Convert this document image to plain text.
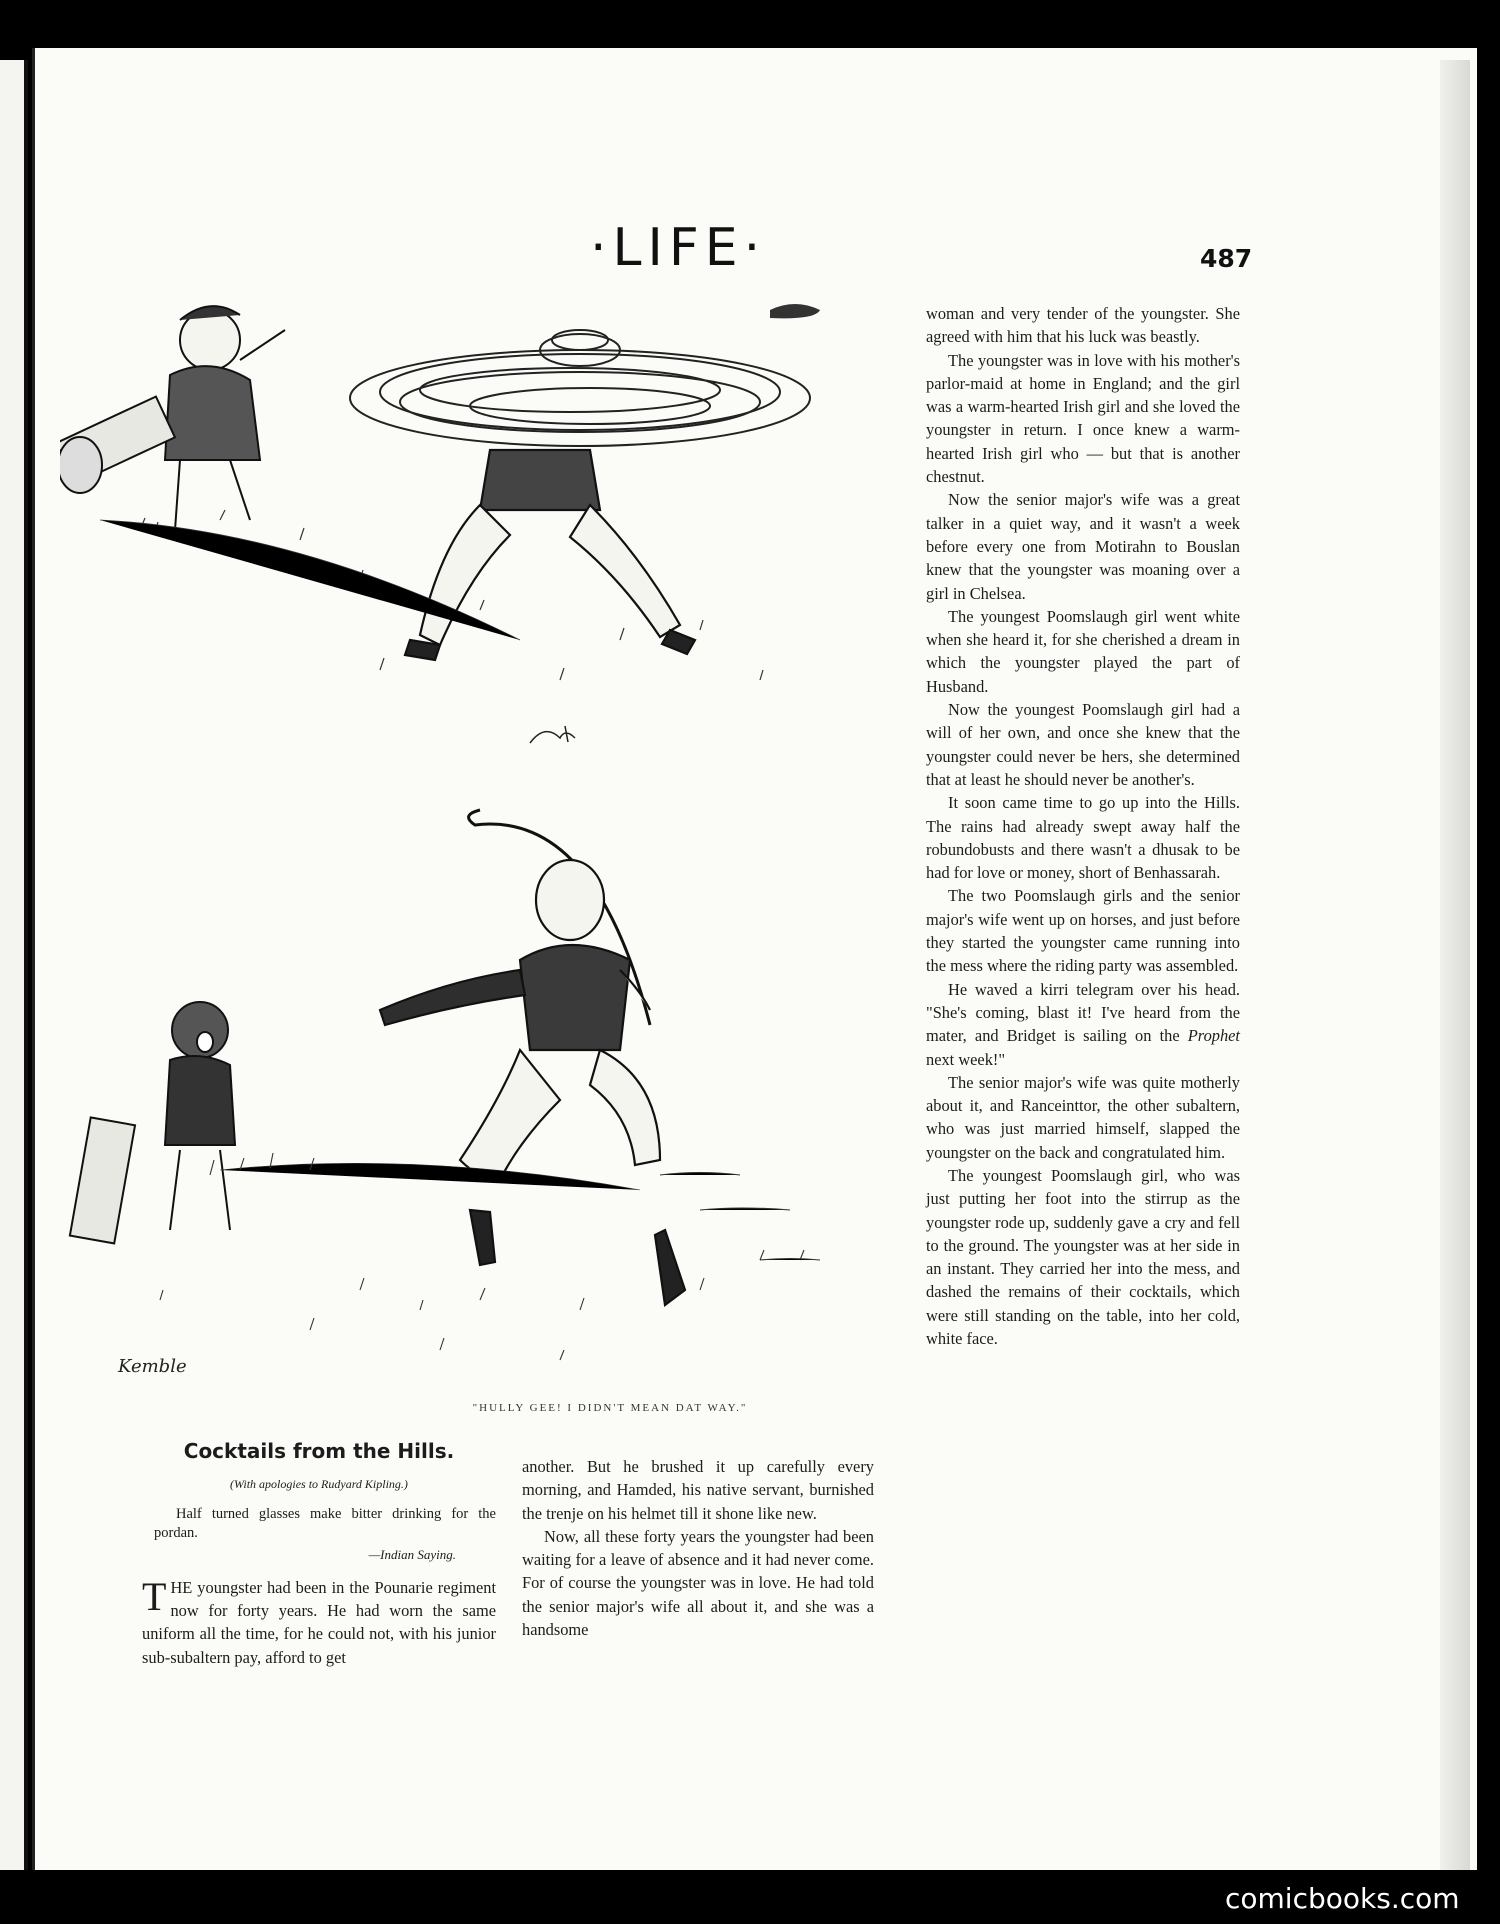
·LIFE·	487
Kemble
"HULLY GEE! I DIDN'T MEAN DAT WAY."
Cocktails from the Hills.
(With apologies to Rudyard Kipling.)

Half turned glasses make bitter drinking for the pordan.

—Indian Saying.

THE youngster had been in the Pounarie regiment now for forty years. He had worn the same uniform all the time, for he could not, with his junior sub-subaltern pay, afford to get

another. But he brushed it up carefully every morning, and Hamded, his native servant, burnished the trenje on his helmet till it shone like new.

Now, all these forty years the youngster had been waiting for a leave of absence and it had never come. For of course the youngster was in love. He had told the senior major's wife all about it, and she was a handsome

woman and very tender of the youngster. She agreed with him that his luck was beastly.

The youngster was in love with his mother's parlor-maid at home in England; and the girl was a warm-hearted Irish girl and she loved the youngster in return. I once knew a warm-hearted Irish girl who — but that is another chestnut.

Now the senior major's wife was a great talker in a quiet way, and it wasn't a week before every one from Motirahn to Bouslan knew that the youngster was moaning over a girl in Chelsea.

The youngest Poomslaugh girl went white when she heard it, for she cherished a dream in which the youngster played the part of Husband.

Now the youngest Poomslaugh girl had a will of her own, and once she knew that the youngster could never be hers, she determined that at least he should never be another's.

It soon came time to go up into the Hills. The rains had already swept away half the robundobusts and there wasn't a dhusak to be had for love or money, short of Benhassarah.

The two Poomslaugh girls and the senior major's wife went up on horses, and just before they started the youngster came running into the mess where the riding party was assembled.

He waved a kirri telegram over his head. "She's coming, blast it! I've heard from the mater, and Bridget is sailing on the Prophet next week!"

The senior major's wife was quite motherly about it, and Ranceinttor, the other subaltern, who was just married himself, slapped the youngster on the back and congratulated him.

The youngest Poomslaugh girl, who was just putting her foot into the stirrup as the youngster rode up, suddenly gave a cry and fell to the ground. The youngster was at her side in an instant. They carried her into the mess, and dashed the remains of their cocktails, which were still standing on the table, into her cold, white face.

comicbooks.com
